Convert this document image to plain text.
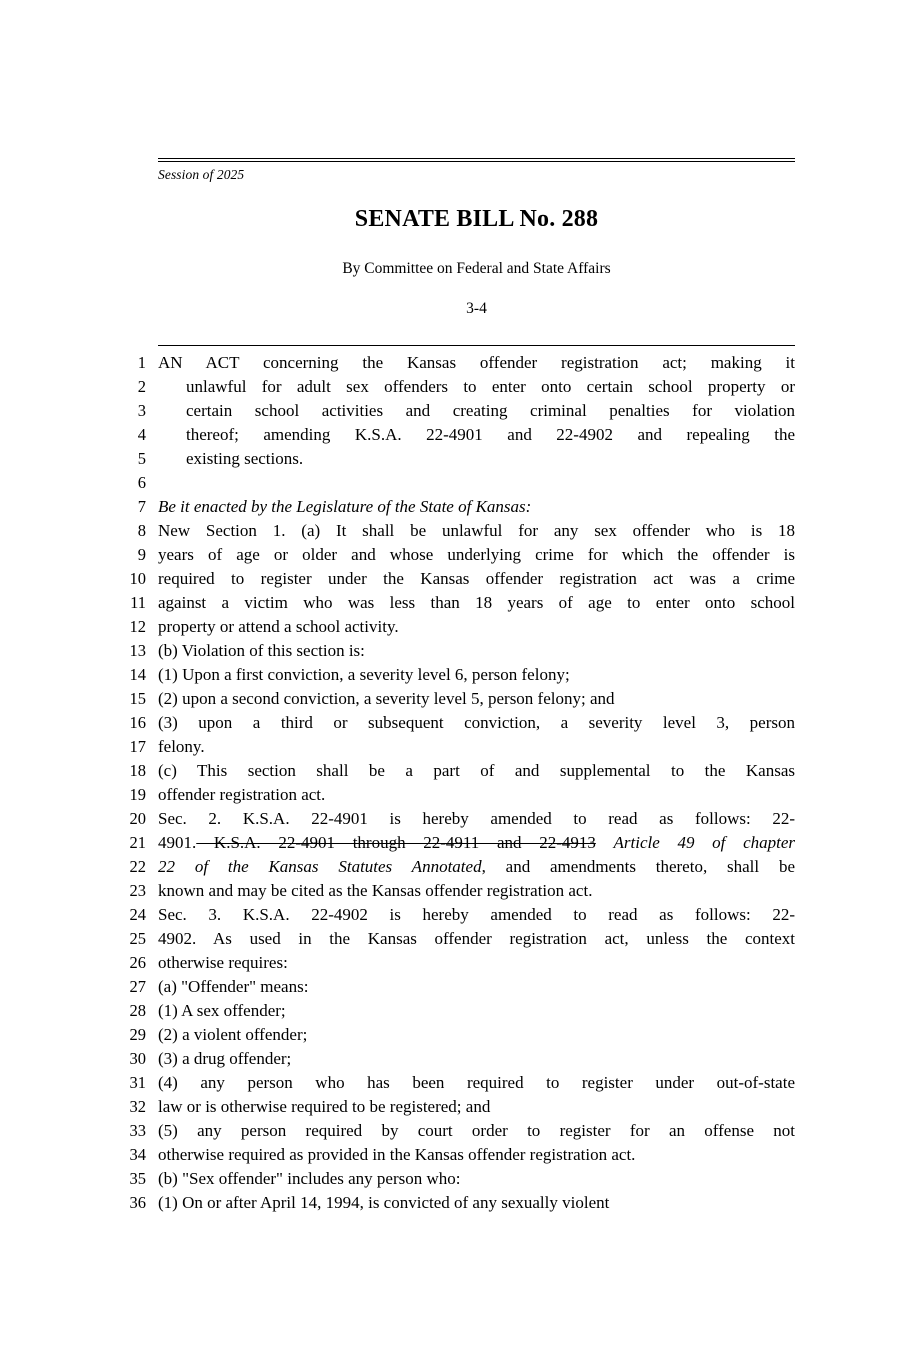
Session of 2025
SENATE BILL No. 288
By Committee on Federal and State Affairs
3-4
1 AN ACT concerning the Kansas offender registration act; making it
2 unlawful for adult sex offenders to enter onto certain school property or
3 certain school activities and creating criminal penalties for violation
4 thereof; amending K.S.A. 22-4901 and 22-4902 and repealing the
5 existing sections.
6
7 Be it enacted by the Legislature of the State of Kansas:
8 New Section 1. (a) It shall be unlawful for any sex offender who is 18
9 years of age or older and whose underlying crime for which the offender is
10 required to register under the Kansas offender registration act was a crime
11 against a victim who was less than 18 years of age to enter onto school
12 property or attend a school activity.
13 (b) Violation of this section is:
14 (1) Upon a first conviction, a severity level 6, person felony;
15 (2) upon a second conviction, a severity level 5, person felony; and
16 (3) upon a third or subsequent conviction, a severity level 3, person
17 felony.
18 (c) This section shall be a part of and supplemental to the Kansas
19 offender registration act.
20 Sec. 2. K.S.A. 22-4901 is hereby amended to read as follows: 22-
21 4901. K.S.A. 22-4901 through 22-4911 and 22-4913 Article 49 of chapter
22 22 of the Kansas Statutes Annotated, and amendments thereto, shall be
23 known and may be cited as the Kansas offender registration act.
24 Sec. 3. K.S.A. 22-4902 is hereby amended to read as follows: 22-
25 4902. As used in the Kansas offender registration act, unless the context
26 otherwise requires:
27 (a) "Offender" means:
28 (1) A sex offender;
29 (2) a violent offender;
30 (3) a drug offender;
31 (4) any person who has been required to register under out-of-state
32 law or is otherwise required to be registered; and
33 (5) any person required by court order to register for an offense not
34 otherwise required as provided in the Kansas offender registration act.
35 (b) "Sex offender" includes any person who:
36 (1) On or after April 14, 1994, is convicted of any sexually violent
